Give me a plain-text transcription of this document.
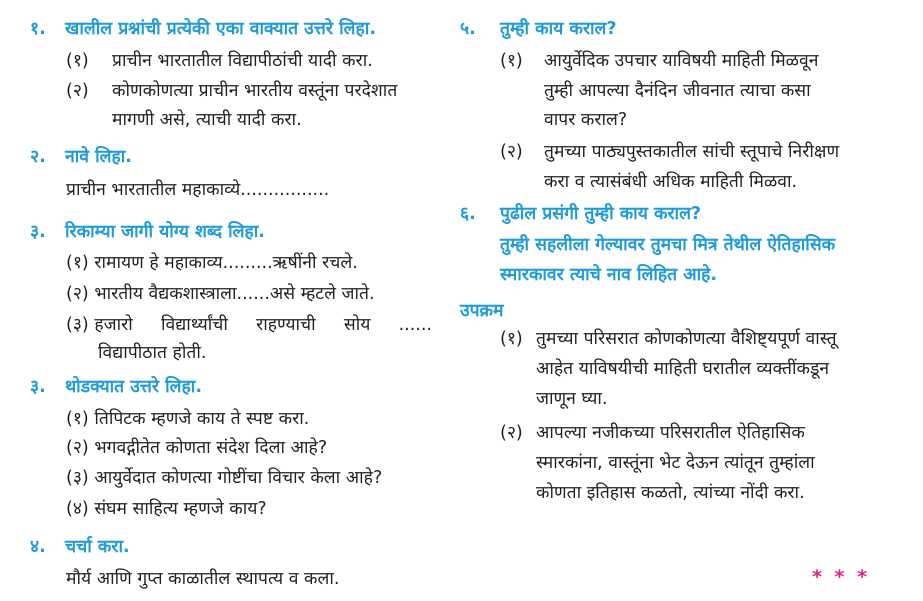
१. खालील प्रश्नांची प्रत्येकी एका वाक्यात उत्तरे लिहा.
(१) प्राचीन भारतातील विद्यापीठांची यादी करा.
(२) कोणकोणत्या प्राचीन भारतीय वस्तूंना परदेशात
मागणी असे, त्याची यादी करा.
२. नावे लिहा.
प्राचीन भारतातील महाकाव्ये................
३. रिकाम्या जागी योग्य शब्द लिहा.
(१) रामायण हे महाकाव्य.........ऋषींनी रचले.
(२) भारतीय वैद्यकशास्त्राला......असे म्हटले जाते.
(३) हजारो विद्यार्थ्यांची राहण्याची सोय ......
विद्यापीठात होती.
३. थोडक्यात उत्तरे लिहा.
(१) तिपिटक म्हणजे काय ते स्पष्ट करा.
(२) भगवद्गीतेत कोणता संदेश दिला आहे?
(३) आयुर्वेदात कोणत्या गोष्टींचा विचार केला आहे?
(४) संघम साहित्य म्हणजे काय?
४. चर्चा करा.
मौर्य आणि गुप्त काळातील स्थापत्य व कला.
५. तुम्ही काय कराल?
(१) आयुर्वेदिक उपचार याविषयी माहिती मिळवून
तुम्ही आपल्या दैनंदिन जीवनात त्याचा कसा
वापर कराल?
(२) तुमच्या पाठ्यपुस्तकातील सांची स्तूपाचे निरीक्षण
करा व त्यासंबंधी अधिक माहिती मिळवा.
६. पुढील प्रसंगी तुम्ही काय कराल?
तुम्ही सहलीला गेल्यावर तुमचा मित्र तेथील ऐतिहासिक
स्मारकावर त्याचे नाव लिहित आहे.
उपक्रम
(१) तुमच्या परिसरात कोणकोणत्या वैशिष्ट्यपूर्ण वास्तू
आहेत याविषयीची माहिती घरातील व्यक्तींकडून
जाणून घ्या.
(२) आपल्या नजीकच्या परिसरातील ऐतिहासिक
स्मारकांना, वास्तूंना भेट देऊन त्यांतून तुम्हांला
कोणता इतिहास कळतो, त्यांच्या नोंदी करा.
* * *
